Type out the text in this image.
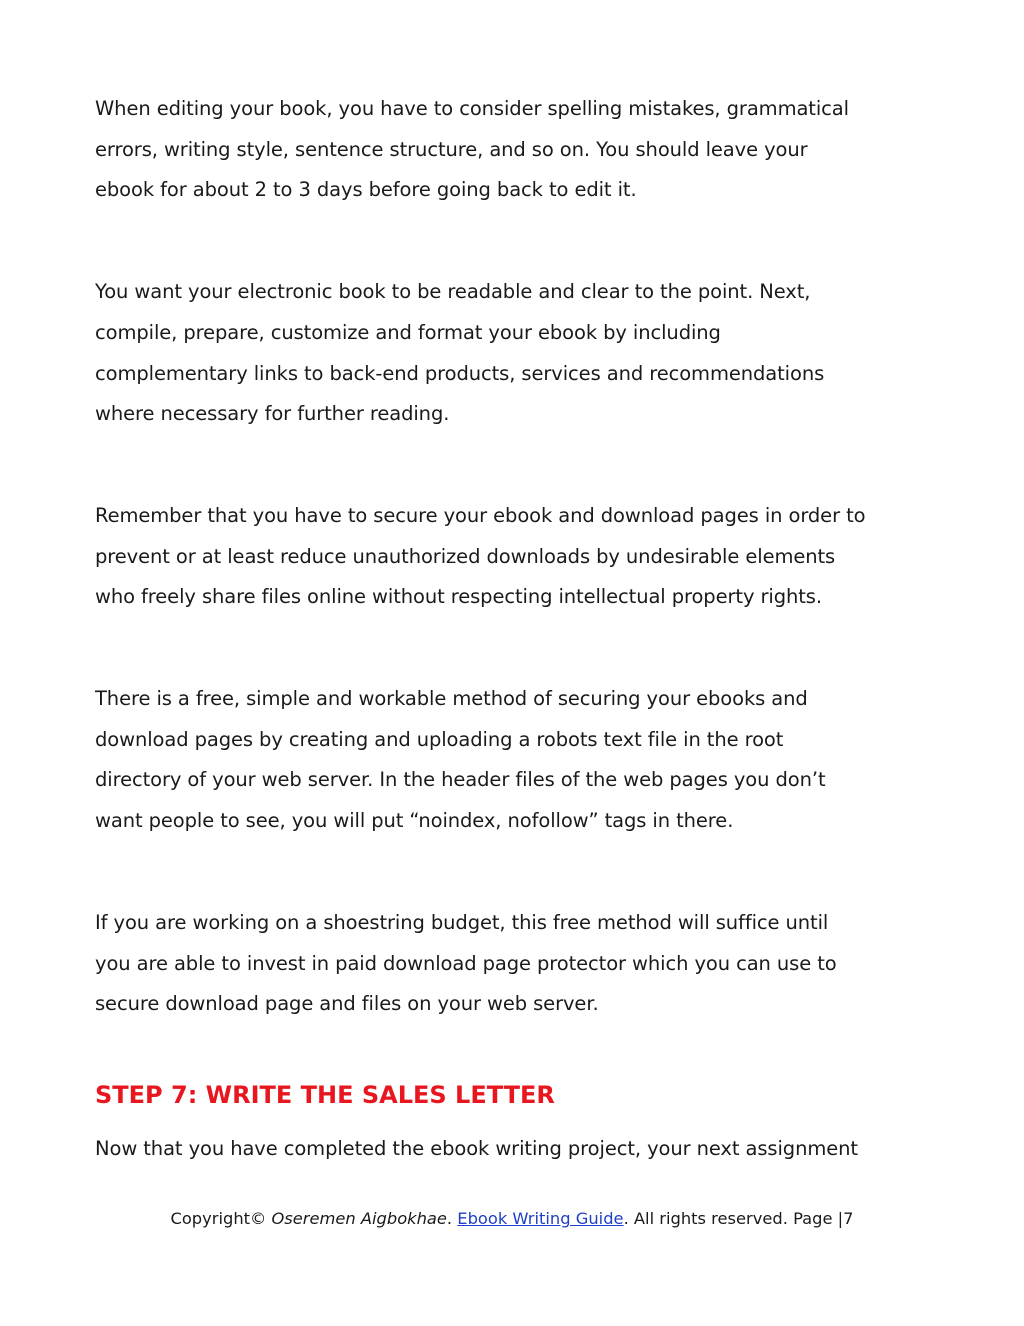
When editing your book, you have to consider spelling mistakes, grammatical
errors, writing style, sentence structure, and so on. You should leave your
ebook for about 2 to 3 days before going back to edit it.
You want your electronic book to be readable and clear to the point. Next,
compile, prepare, customize and format your ebook by including
complementary links to back-end products, services and recommendations
where necessary for further reading.
Remember that you have to secure your ebook and download pages in order to
prevent or at least reduce unauthorized downloads by undesirable elements
who freely share files online without respecting intellectual property rights.
There is a free, simple and workable method of securing your ebooks and
download pages by creating and uploading a robots text file in the root
directory of your web server. In the header files of the web pages you don’t
want people to see, you will put “noindex, nofollow” tags in there.
If you are working on a shoestring budget, this free method will suffice until
you are able to invest in paid download page protector which you can use to
secure download page and files on your web server.
STEP 7: WRITE THE SALES LETTER
Now that you have completed the ebook writing project, your next assignment
Copyright© Oseremen Aigbokhae. Ebook Writing Guide. All rights reserved. Page |7
